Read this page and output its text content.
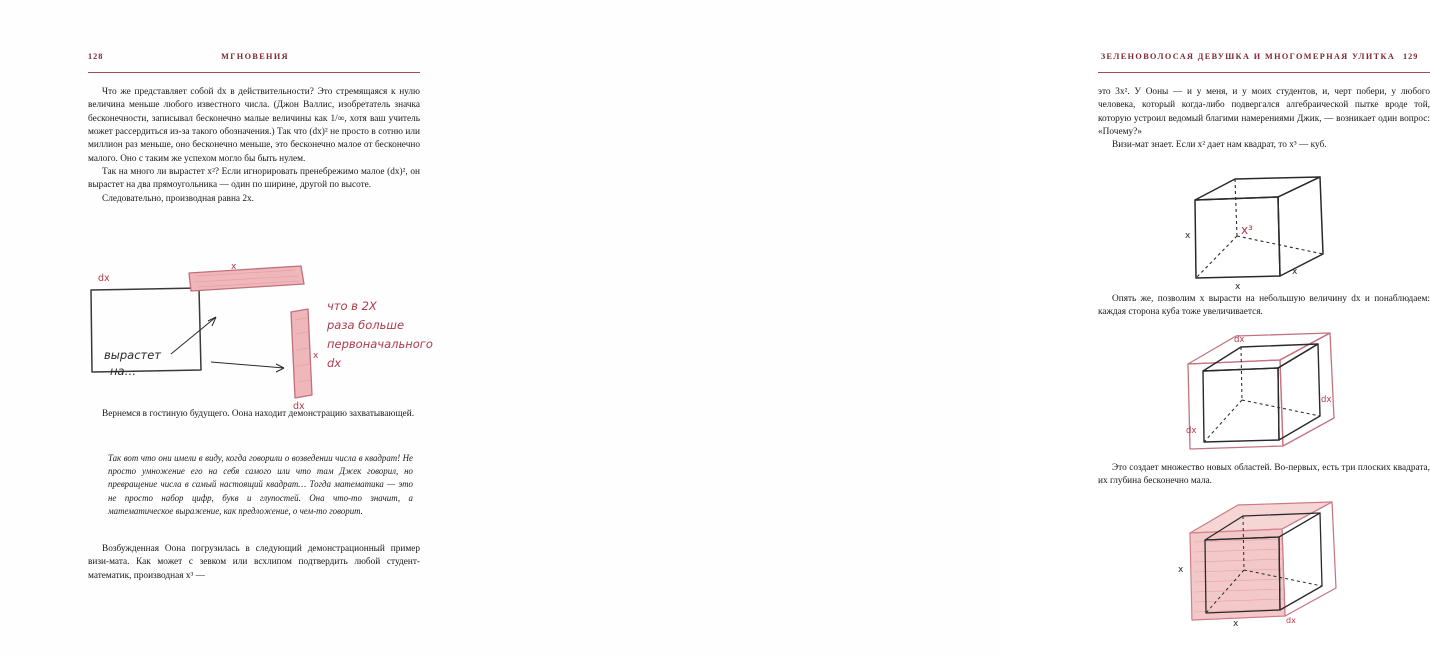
128	МГНОВЕНИЯ

Что же представляет собой dx в действительности? Это стремящаяся к нулю величина меньше любого известного числа. (Джон Валлис, изобретатель значка бесконечности, записывал бесконечно малые величины как 1/∞, хотя ваш учитель может рассердиться из-за такого обозначения.) Так что (dx)² не просто в сотню или миллион раз меньше, оно бесконечно меньше, это бесконечно малое от бесконечно малого. Оно с таким же успехом могло бы быть нулем.

Так на много ли вырастет x²? Если игнорировать пренебрежимо малое (dx)², он вырастет на два прямоугольника — один по ширине, другой по высоте.

Следовательно, производная равна 2x.

dx
x
x
dx
вырастет
на…
что в 2X
раза больше
первоначального
dx

Вернемся в гостиную будущего. Оона находит демонстрацию захватывающей.

Так вот что они имели в виду, когда говорили о возведении числа в квадрат! Не просто умножение его на себя самого или что там Джек говорил, но превращение числа в самый настоящий квадрат… Тогда математика — это не просто набор цифр, букв и глупостей. Она что-то значит, а математическое выражение, как предложение, о чем-то говорит.

Возбужденная Оона погрузилась в следующий демонстрационный пример визи-мата. Как может с зевком или всхлипом подтвердить любой студент-математик, производная x³ —

ЗЕЛЕНОВОЛОСАЯ ДЕВУШКА И МНОГОМЕРНАЯ УЛИТКА 129

это 3x². У Ооны — и у меня, и у моих студентов, и, черт побери, у любого человека, который когда-либо подвергался алгебраической пытке вроде той, которую устроил ведомый благими намерениями Джик, — возникает один вопрос: «Почему?»

Визи-мат знает. Если x² дает нам квадрат, то x³ — куб.

x³
x
x
x

Опять же, позволим x вырасти на небольшую величину dx и понаблюдаем: каждая сторона куба тоже увеличивается.

dx
dx
dx

Это создает множество новых областей. Во-первых, есть три плоских квадрата, их глубина бесконечно мала.

x
x	dx
